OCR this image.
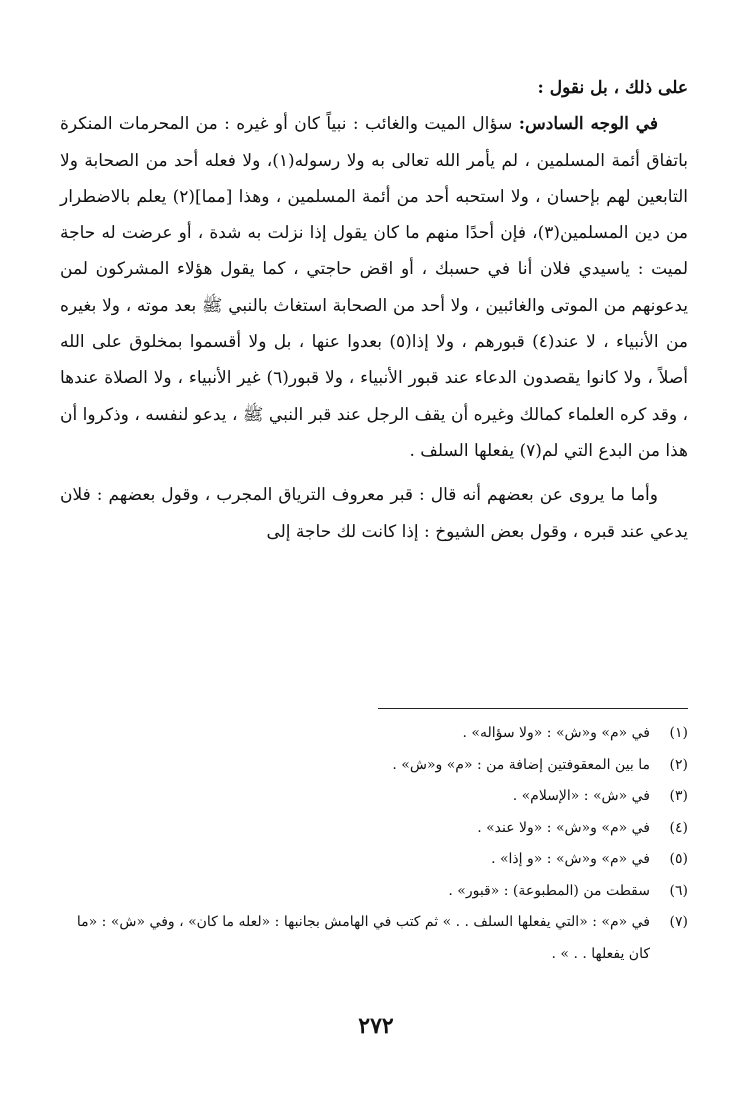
على ذلك ، بل نقول :

في الوجه السادس: سؤال الميت والغائب : نبياً كان أو غيره : من المحرمات المنكرة باتفاق أئمة المسلمين ، لم يأمر الله تعالى به ولا رسوله(١)، ولا فعله أحد من الصحابة ولا التابعين لهم بإحسان ، ولا استحبه أحد من أئمة المسلمين ، وهذا [مما](٢) يعلم بالاضطرار من دين المسلمين(٣)، فإن أحدًا منهم ما كان يقول إذا نزلت به شدة ، أو عرضت له حاجة لميت : ياسيدي فلان أنا في حسبك ، أو اقض حاجتي ، كما يقول هؤلاء المشركون لمن يدعونهم من الموتى والغائبين ، ولا أحد من الصحابة استغاث بالنبي ﷺ بعد موته ، ولا بغيره من الأنبياء ، لا عند(٤) قبورهم ، ولا إذا(٥) بعدوا عنها ، بل ولا أقسموا بمخلوق على الله أصلاً ، ولا كانوا يقصدون الدعاء عند قبور الأنبياء ، ولا قبور(٦) غير الأنبياء ، ولا الصلاة عندها ، وقد كره العلماء كمالك وغيره أن يقف الرجل عند قبر النبي ﷺ ، يدعو لنفسه ، وذكروا أن هذا من البدع التي لم(٧) يفعلها السلف .

وأما ما يروى عن بعضهم أنه قال : قبر معروف الترياق المجرب ، وقول بعضهم : فلان يدعي عند قبره ، وقول بعض الشيوخ : إذا كانت لك حاجة إلى

(١)
في «م» و«ش» : «ولا سؤاله» .
(٢)
ما بين المعقوفتين إضافة من : «م» و«ش» .
(٣)
في «ش» : «الإسلام» .
(٤)
في «م» و«ش» : «ولا عند» .
(٥)
في «م» و«ش» : «و إذا» .
(٦)
سقطت من (المطبوعة) : «قبور» .
(٧)
في «م» : «التي يفعلها السلف . . » ثم كتب في الهامش بجانبها : «لعله ما كان» ، وفي «ش» : «ما كان يفعلها . . » .
٢٧٢
